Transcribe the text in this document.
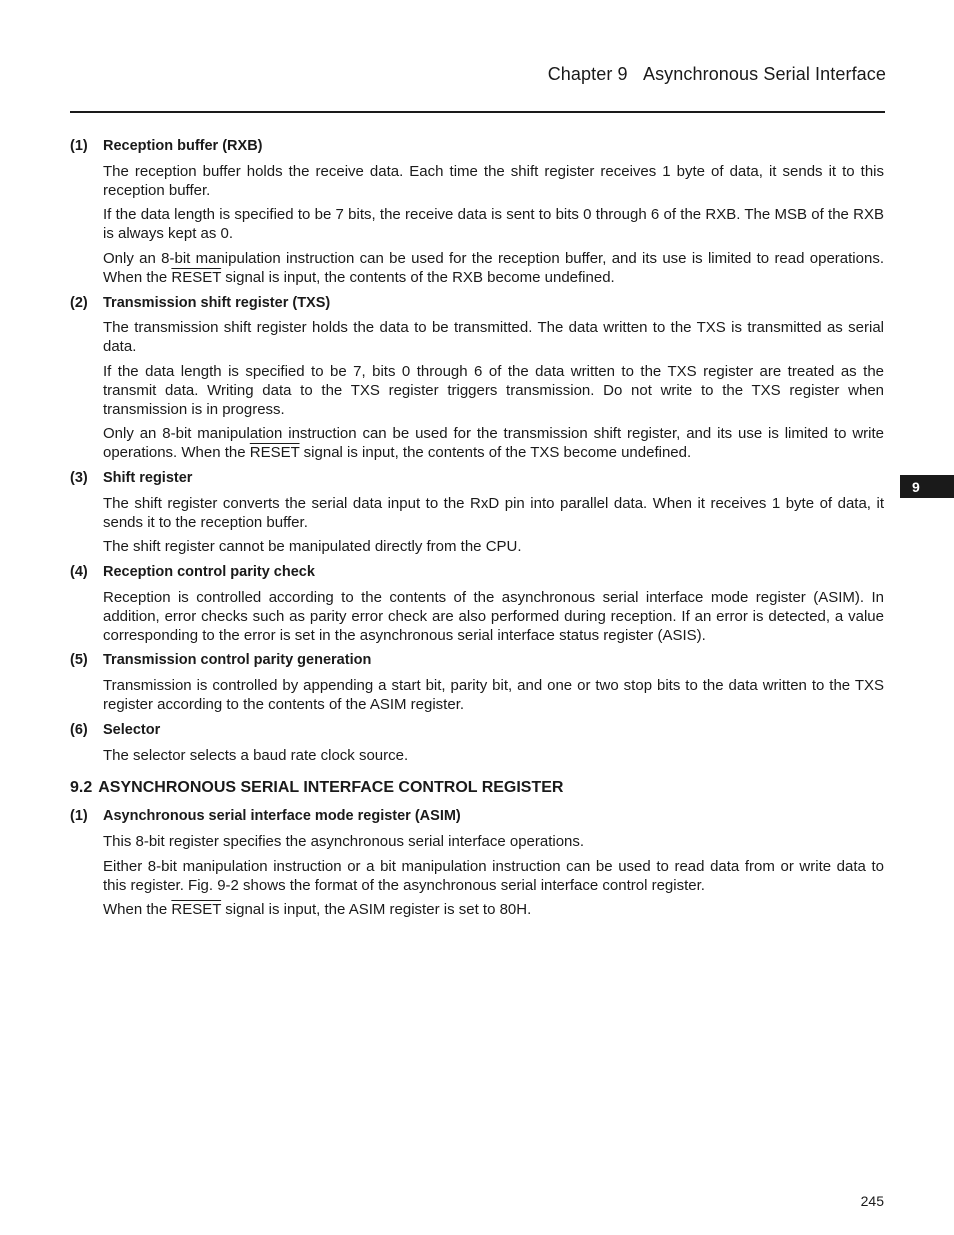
Chapter 9 Asynchronous Serial Interface
9
(1)	Reception buffer (RXB)
The reception buffer holds the receive data. Each time the shift register receives 1 byte of data, it sends it to this reception buffer.
If the data length is specified to be 7 bits, the receive data is sent to bits 0 through 6 of the RXB. The MSB of the RXB is always kept as 0.
Only an 8-bit manipulation instruction can be used for the reception buffer, and its use is limited to read operations. When the RESET signal is input, the contents of the RXB become undefined.
(2)	Transmission shift register (TXS)
The transmission shift register holds the data to be transmitted. The data written to the TXS is transmitted as serial data.
If the data length is specified to be 7, bits 0 through 6 of the data written to the TXS register are treated as the transmit data. Writing data to the TXS register triggers transmission. Do not write to the TXS register when transmission is in progress.
Only an 8-bit manipulation instruction can be used for the transmission shift register, and its use is limited to write operations. When the RESET signal is input, the contents of the TXS become undefined.
(3)	Shift register
The shift register converts the serial data input to the RxD pin into parallel data. When it receives 1 byte of data, it sends it to the reception buffer.
The shift register cannot be manipulated directly from the CPU.
(4)	Reception control parity check
Reception is controlled according to the contents of the asynchronous serial interface mode register (ASIM). In addition, error checks such as parity error check are also performed during reception. If an error is detected, a value corresponding to the error is set in the asynchronous serial interface status register (ASIS).
(5)	Transmission control parity generation
Transmission is controlled by appending a start bit, parity bit, and one or two stop bits to the data written to the TXS register according to the contents of the ASIM register.
(6)	Selector
The selector selects a baud rate clock source.
9.2 ASYNCHRONOUS SERIAL INTERFACE CONTROL REGISTER
(1)	Asynchronous serial interface mode register (ASIM)
This 8-bit register specifies the asynchronous serial interface operations.
Either 8-bit manipulation instruction or a bit manipulation instruction can be used to read data from or write data to this register. Fig. 9-2 shows the format of the asynchronous serial interface control register.
When the RESET signal is input, the ASIM register is set to 80H.
245
